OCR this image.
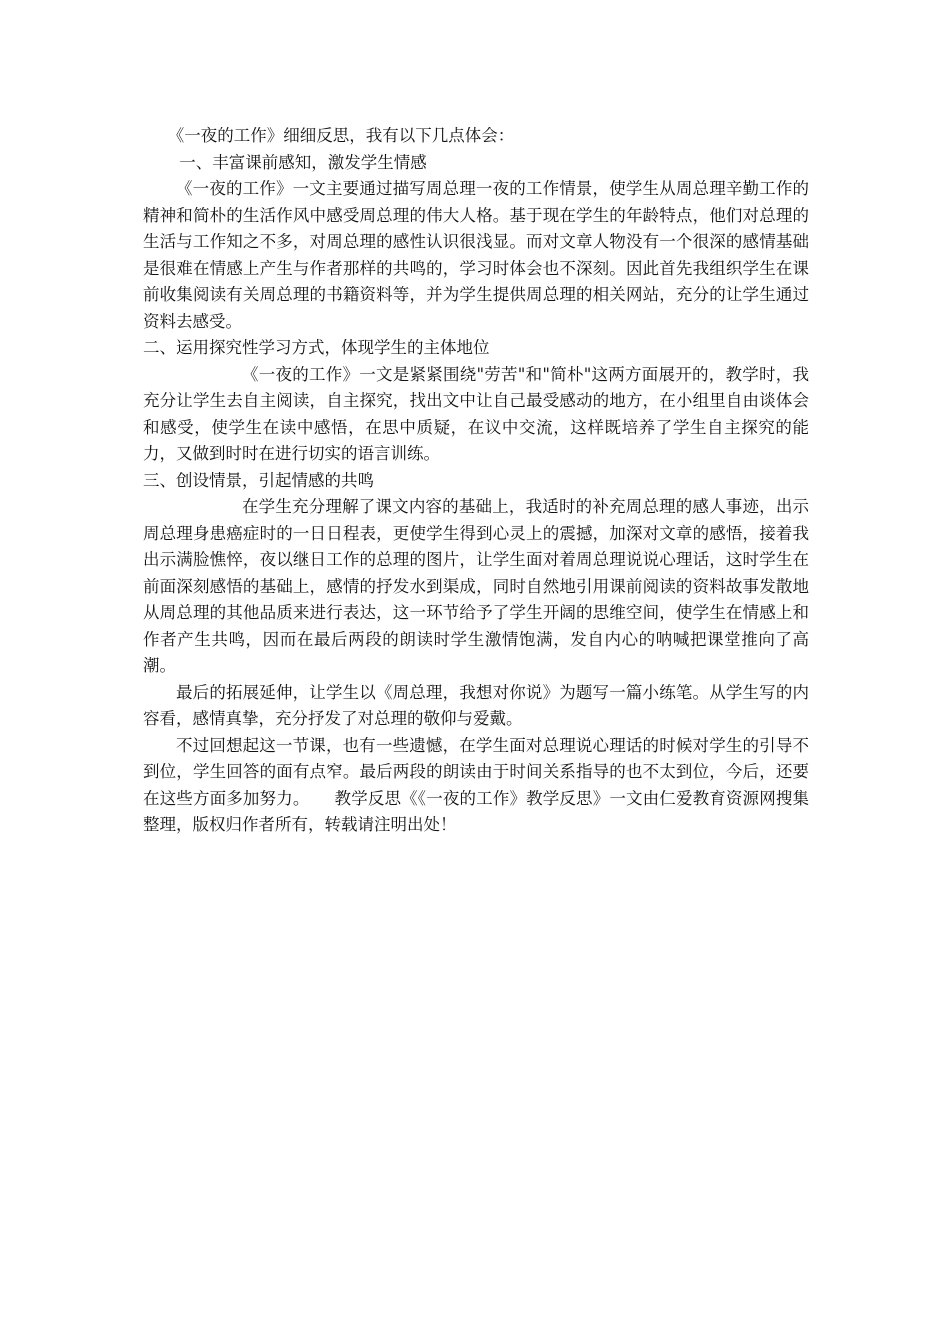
《一夜的工作》细细反思，我有以下几点体会：

一、丰富课前感知，激发学生情感

《一夜的工作》一文主要通过描写周总理一夜的工作情景，使学生从周总理辛勤工作的精神和简朴的生活作风中感受周总理的伟大人格。基于现在学生的年龄特点，他们对总理的生活与工作知之不多，对周总理的感性认识很浅显。而对文章人物没有一个很深的感情基础是很难在情感上产生与作者那样的共鸣的，学习时体会也不深刻。因此首先我组织学生在课前收集阅读有关周总理的书籍资料等，并为学生提供周总理的相关网站，充分的让学生通过资料去感受。

二、运用探究性学习方式，体现学生的主体地位

《一夜的工作》一文是紧紧围绕"劳苦"和"简朴"这两方面展开的，教学时，我充分让学生去自主阅读，自主探究，找出文中让自己最受感动的地方，在小组里自由谈体会和感受，使学生在读中感悟，在思中质疑，在议中交流，这样既培养了学生自主探究的能力，又做到时时在进行切实的语言训练。

三、创设情景，引起情感的共鸣

在学生充分理解了课文内容的基础上，我适时的补充周总理的感人事迹，出示周总理身患癌症时的一日日程表，更使学生得到心灵上的震撼，加深对文章的感悟，接着我出示满脸憔悴，夜以继日工作的总理的图片，让学生面对着周总理说说心理话，这时学生在前面深刻感悟的基础上，感情的抒发水到渠成，同时自然地引用课前阅读的资料故事发散地从周总理的其他品质来进行表达，这一环节给予了学生开阔的思维空间，使学生在情感上和作者产生共鸣，因而在最后两段的朗读时学生激情饱满，发自内心的呐喊把课堂推向了高潮。

最后的拓展延伸，让学生以《周总理，我想对你说》为题写一篇小练笔。从学生写的内容看，感情真挚，充分抒发了对总理的敬仰与爱戴。

不过回想起这一节课，也有一些遗憾，在学生面对总理说心理话的时候对学生的引导不到位，学生回答的面有点窄。最后两段的朗读由于时间关系指导的也不太到位，今后，还要在这些方面多加努力。　　教学反思《《一夜的工作》教学反思》一文由仁爱教育资源网搜集整理，版权归作者所有，转载请注明出处！
